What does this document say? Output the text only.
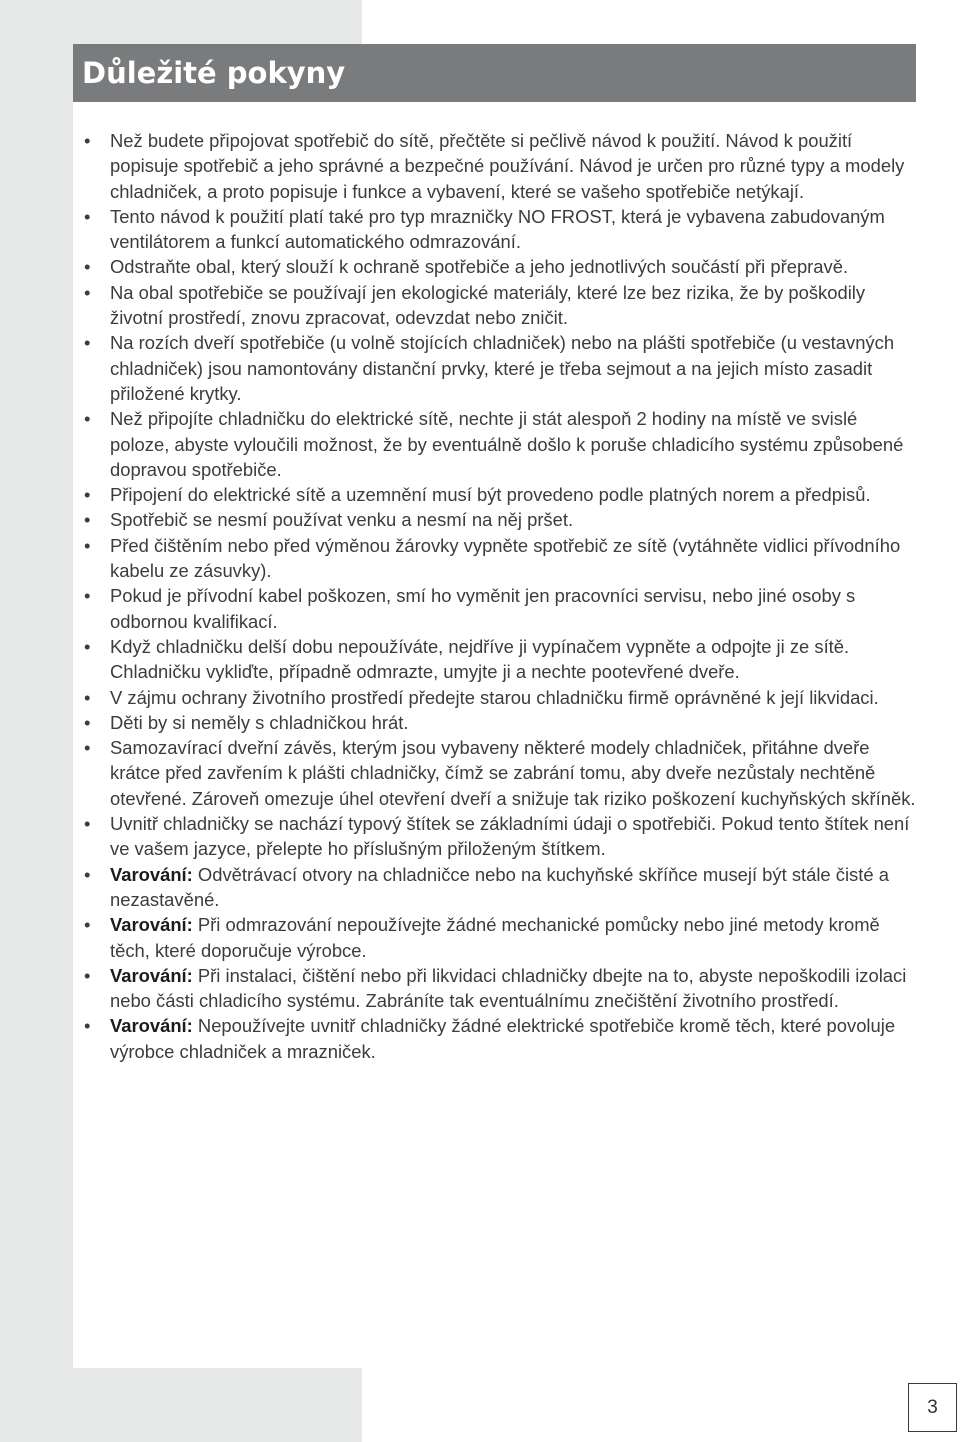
Důležité pokyny
• Než budete připojovat spotřebič do sítě, přečtěte si pečlivě návod k použití. Návod k použití popisuje spotřebič a jeho správné a bezpečné používání. Návod je určen pro různé typy a modely chladniček, a proto popisuje i funkce a vybavení, které se vašeho spotřebiče netýkají.
• Tento návod k použití platí také pro typ mrazničky NO FROST, která je vybavena zabudovaným ventilátorem a funkcí automatického odmrazování.
• Odstraňte obal, který slouží k ochraně spotřebiče a jeho jednotlivých součástí při přepravě.
• Na obal spotřebiče se používají jen ekologické materiály, které lze bez rizika, že by poškodily životní prostředí, znovu zpracovat, odevzdat nebo zničit.
• Na rozích dveří spotřebiče (u volně stojících chladniček) nebo na plášti spotřebiče (u vestavných chladniček) jsou namontovány distanční prvky, které je třeba sejmout a na jejich místo zasadit přiložené krytky.
• Než připojíte chladničku do elektrické sítě, nechte ji stát alespoň 2 hodiny na místě ve svislé poloze, abyste vyloučili možnost, že by eventuálně došlo k poruše chladicího systému způsobené dopravou spotřebiče.
• Připojení do elektrické sítě a uzemnění musí být provedeno podle platných norem a předpisů.
• Spotřebič se nesmí používat venku a nesmí na něj pršet.
• Před čištěním nebo před výměnou žárovky vypněte spotřebič ze sítě (vytáhněte vidlici přívodního kabelu ze zásuvky).
• Pokud je přívodní kabel poškozen, smí ho vyměnit jen pracovníci servisu, nebo jiné osoby s odbornou kvalifikací.
• Když chladničku delší dobu nepoužíváte, nejdříve ji vypínačem vypněte a odpojte ji ze sítě. Chladničku vykliďte, případně odmrazte, umyjte ji a nechte pootevřené dveře.
• V zájmu ochrany životního prostředí předejte starou chladničku firmě oprávněné k její likvidaci.
• Děti by si neměly s chladničkou hrát.
• Samozavírací dveřní závěs, kterým jsou vybaveny některé modely chladniček, přitáhne dveře krátce před zavřením k plášti chladničky, čímž se zabrání tomu, aby dveře nezůstaly nechtěně otevřené. Zároveň omezuje úhel otevření dveří a snižuje tak riziko poškození kuchyňských skříněk.
• Uvnitř chladničky se nachází typový štítek se základními údaji o spotřebiči. Pokud tento štítek není ve vašem jazyce, přelepte ho příslušným přiloženým štítkem.
• Varování: Odvětrávací otvory na chladničce nebo na kuchyňské skříňce musejí být stále čisté a nezastavěné.
• Varování: Při odmrazování nepoužívejte žádné mechanické pomůcky nebo jiné metody kromě těch, které doporučuje výrobce.
• Varování: Při instalaci, čištění nebo při likvidaci chladničky dbejte na to, abyste nepoškodili izolaci nebo části chladicího systému. Zabráníte tak eventuálnímu znečištění životního prostředí.
• Varování: Nepoužívejte uvnitř chladničky žádné elektrické spotřebiče kromě těch, které povoluje výrobce chladniček a mrazniček.
3
